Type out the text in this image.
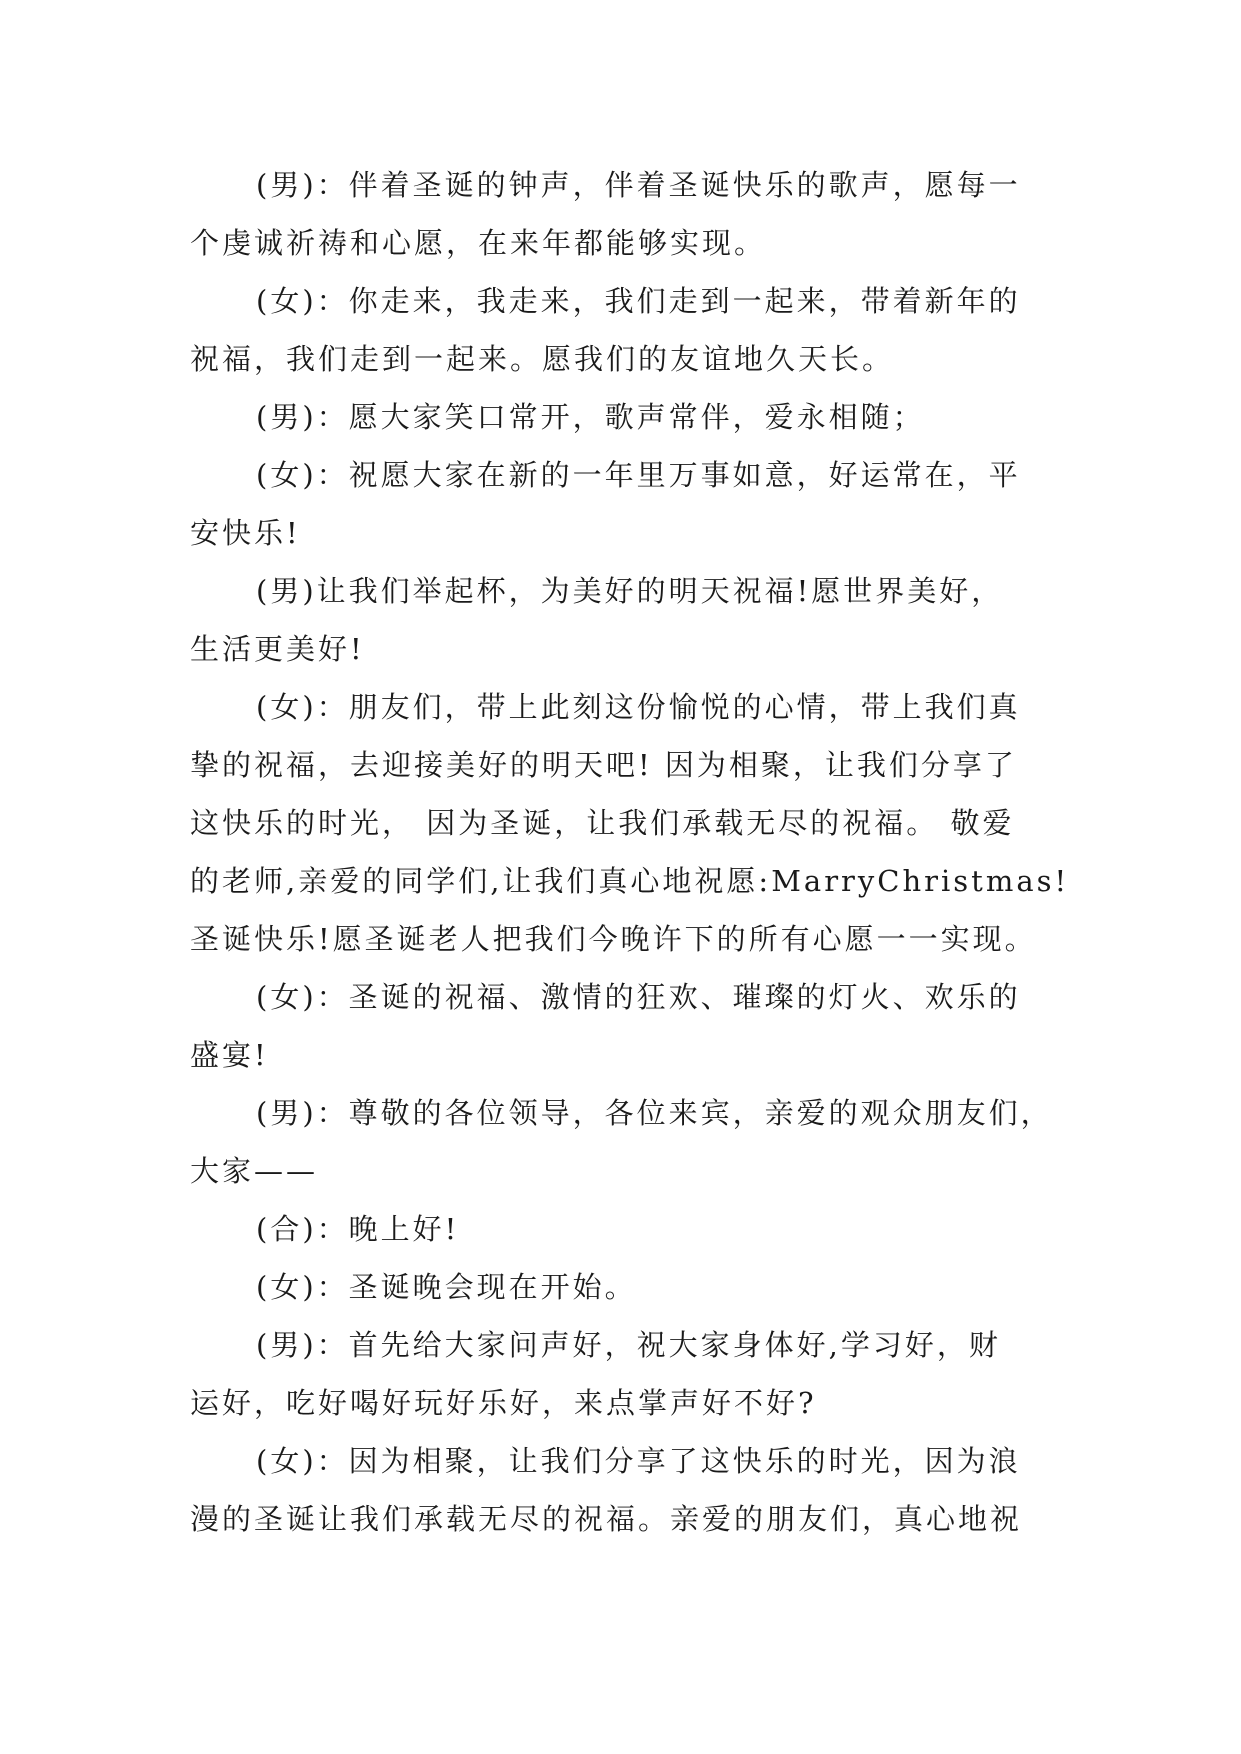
(男)：伴着圣诞的钟声，伴着圣诞快乐的歌声，愿每一
个虔诚祈祷和心愿，在来年都能够实现。
(女)：你走来，我走来，我们走到一起来，带着新年的
祝福，我们走到一起来。愿我们的友谊地久天长。
(男)：愿大家笑口常开，歌声常伴，爱永相随；
(女)：祝愿大家在新的一年里万事如意，好运常在，平
安快乐!
(男)让我们举起杯，为美好的明天祝福!愿世界美好，
生活更美好!
(女)：朋友们，带上此刻这份愉悦的心情，带上我们真
挚的祝福，去迎接美好的明天吧! 因为相聚，让我们分享了
这快乐的时光， 因为圣诞，让我们承载无尽的祝福。 敬爱
的老师,亲爱的同学们,让我们真心地祝愿:MarryChristmas!
圣诞快乐!愿圣诞老人把我们今晚许下的所有心愿一一实现。
(女)：圣诞的祝福、激情的狂欢、璀璨的灯火、欢乐的
盛宴!
(男)：尊敬的各位领导，各位来宾，亲爱的观众朋友们，
大家——
(合)：晚上好!
(女)：圣诞晚会现在开始。
(男)：首先给大家问声好，祝大家身体好,学习好，财
运好，吃好喝好玩好乐好，来点掌声好不好?
(女)：因为相聚，让我们分享了这快乐的时光，因为浪
漫的圣诞让我们承载无尽的祝福。亲爱的朋友们，真心地祝
